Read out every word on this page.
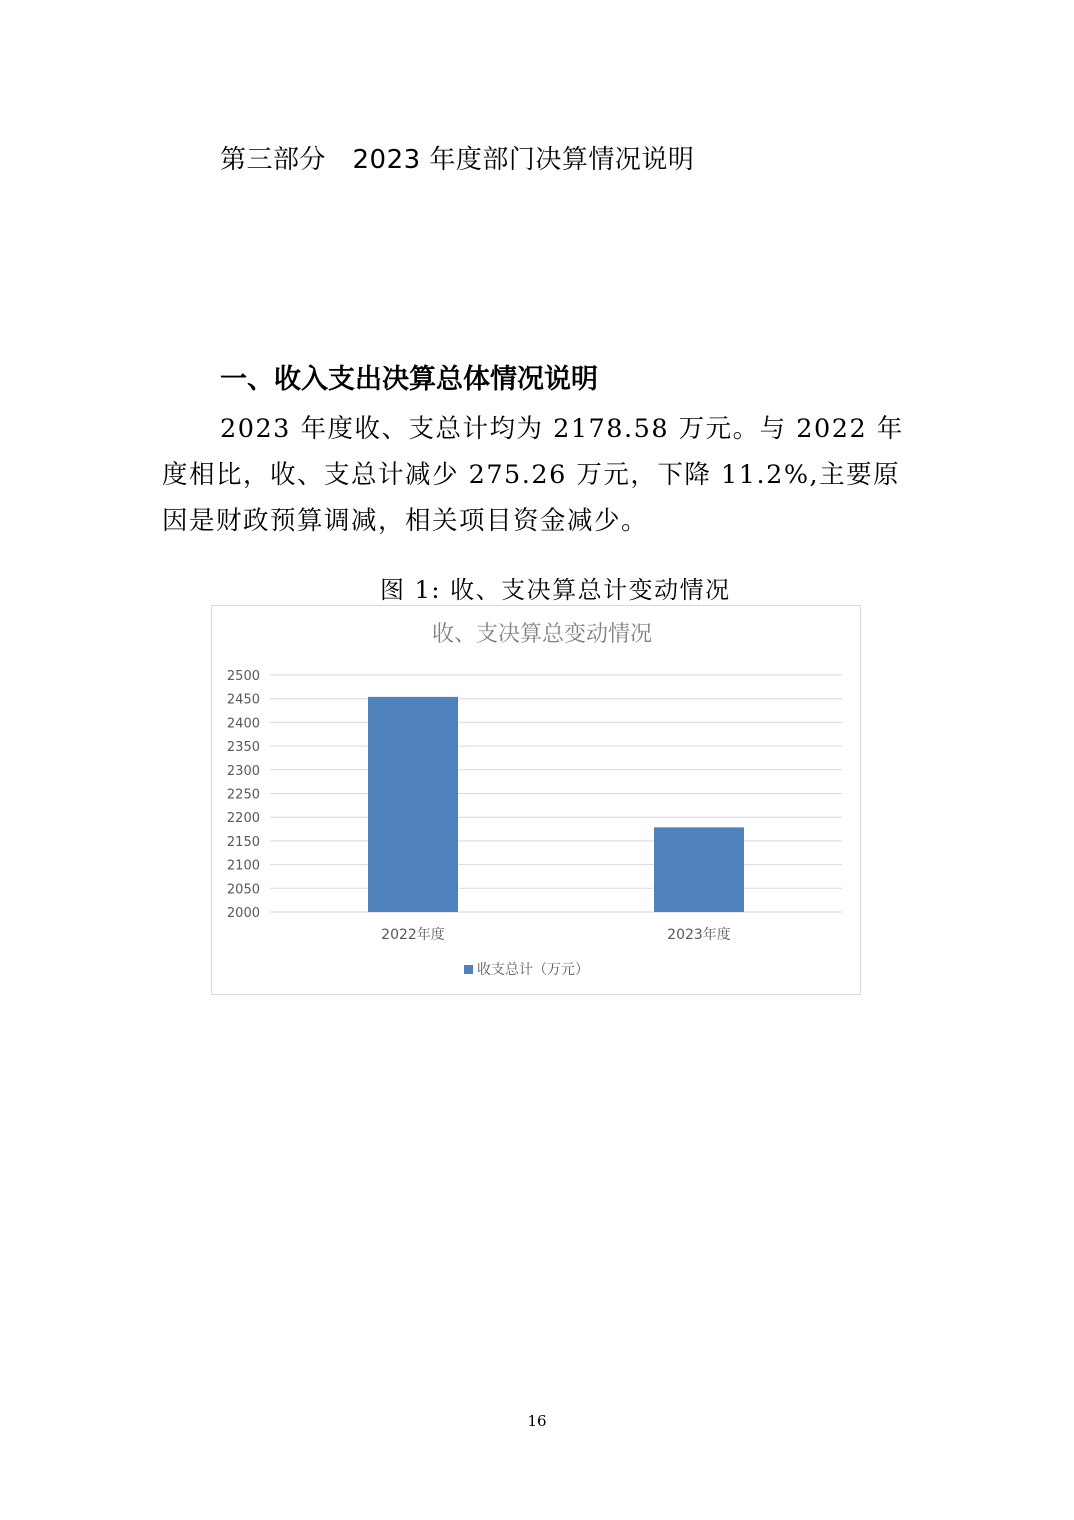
第三部分　2023 年度部门决算情况说明
一、收入支出决算总体情况说明
2023 年度收、支总计均为 2178.58 万元。与 2022 年度相比，收、支总计减少 275.26 万元，下降 11.2%,主要原因是财政预算调减，相关项目资金减少。
图 1: 收、支决算总计变动情况
收、支决算总变动情况
2000
2050
2100
2150
2200
2250
2300
2350
2400
2450
2500
2022年度	2023年度
收支总计（万元）
16
